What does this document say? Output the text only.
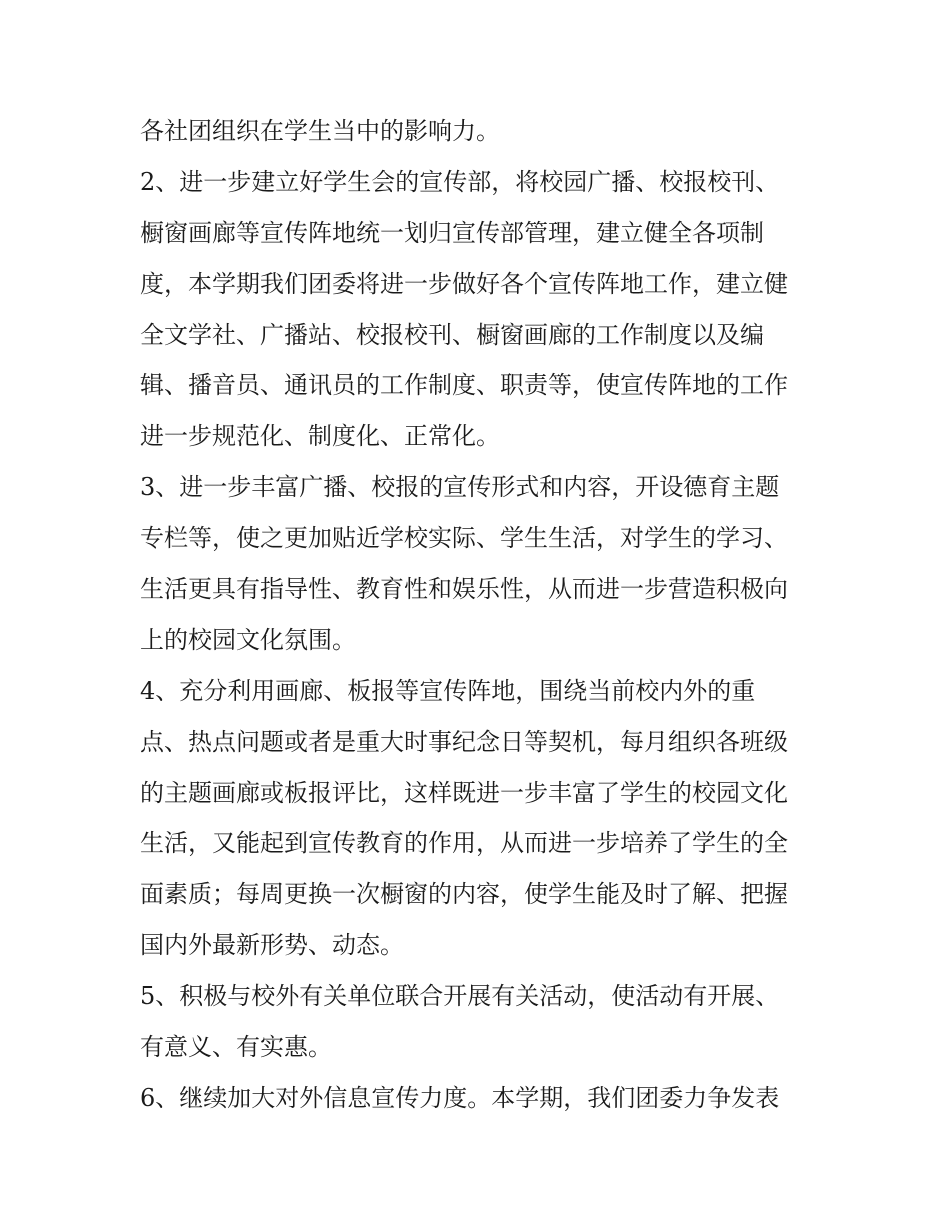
各社团组织在学生当中的影响力。
2、进一步建立好学生会的宣传部，将校园广播、校报校刊、
橱窗画廊等宣传阵地统一划归宣传部管理，建立健全各项制
度，本学期我们团委将进一步做好各个宣传阵地工作，建立健
全文学社、广播站、校报校刊、橱窗画廊的工作制度以及编
辑、播音员、通讯员的工作制度、职责等，使宣传阵地的工作
进一步规范化、制度化、正常化。
3、进一步丰富广播、校报的宣传形式和内容，开设德育主题
专栏等，使之更加贴近学校实际、学生生活，对学生的学习、
生活更具有指导性、教育性和娱乐性，从而进一步营造积极向
上的校园文化氛围。
4、充分利用画廊、板报等宣传阵地，围绕当前校内外的重
点、热点问题或者是重大时事纪念日等契机，每月组织各班级
的主题画廊或板报评比，这样既进一步丰富了学生的校园文化
生活，又能起到宣传教育的作用，从而进一步培养了学生的全
面素质；每周更换一次橱窗的内容，使学生能及时了解、把握
国内外最新形势、动态。
5、积极与校外有关单位联合开展有关活动，使活动有开展、
有意义、有实惠。
6、继续加大对外信息宣传力度。本学期，我们团委力争发表
